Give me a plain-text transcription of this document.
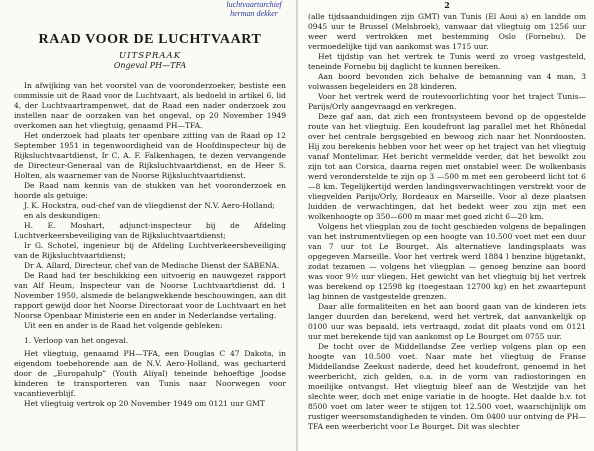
luchtvaartarchief
herman dekker
RAAD VOOR DE LUCHTVAART

UITSPRAAK

Ongeval PH—TFA

In afwijking van het voorstel van de vooronderzoeker, bestiste een commissie uit de Raad voor de Luchtvaart, als bedoeld in artikel 6, lid 4, der Luchtvaartrampenwet, dat de Raad een nader onderzoek zou instellen naar de oorzaken van het ongeval, op 20 November 1949 overkomen aan het vliegtuig, genaamd PH—TFA.

Het onderzoek had plaats ter openbare zitting van de Raad op 12 September 1951 in tegenwoordigheid van de Hoofdinspecteur bij de Rijksluchtvaartdienst, Ir C. A. F. Falkenhagen, te dezen vervangende de Directeur-Generaal van de Rijksluchtvaartdienst, en de Heer S. Holten, als waarnemer van de Noorse Rijksluchtvaartdienst.

De Raad nam kennis van de stukken van het vooronderzoek en hoorde als getuige:

J. K. Hockstra, oud-chef van de vliegdienst der N.V. Aero-Holland;

en als deskundigen:

H. E. Moshart, adjunct-inspecteur bij de Afdeling Luchtverkeersbeveiliging van de Rijksluchtvaartdienst;

Ir G. Schotel, ingenieur bij de Afdeling Luchtverkeersbeveiliging van de Rijksluchtvaartdienst;

Dr A. Allard, Directeur, chef van de Medische Dienst der SABENA.

De Raad had ter beschikking een uitvoerig en nauwgezet rapport van Alf Heum, Inspecteur van de Noorse Luchtvaartdienst dd. 1 November 1950, alsmede de belangwekkende beschouwingen, aan dit rapport gewijd door het Noorse Directoraat voor de Luchtvaart en het Noorse Openbaar Ministerie een en ander in Nederlandse vertaling.

Uit een en ander is de Raad het volgende gebleken:

1. Verloop van het ongeval.

Het vliegtuig, genaamd PH—TFA, een Douglas C 47 Dakota, in eigendom toebehorende aan de N.V. Aero-Holland, was gecharterd door de „Europahulp” (Youth Aliyal) teneinde behoeftige Joodse kinderen te transporteren van Tunis naar Noorwegen voor vacantieverblijf.

Het vliegtuig vertrok op 20 November 1949 om 0121 uur GMT

2

(alle tijdsaanduidingen zijn GMT) van Tunis (El Aoui a) en landde om 0945 uur te Brussel (Melsbroek), vanwaar dat vliegtuig om 1256 uur weer werd vertrokken met bestemming Oslo (Fornebu). De vermoedelijke tijd van aankomst was 1715 uur.

Het tijdstip van het vertrek te Tunis werd zo vroeg vastgesteld, teneinde Fornebu bij daglicht te kunnen bereiken.

Aan boord bevonden zich behalve de bemanning van 4 man, 3 volwassen begeleiders en 28 kinderen.

Voor het vertrek werd de routevoorlichting voor het traject Tunis—Parijs/Orly aangevraagd en verkregen.

Deze gaf aan, dat zich een frontsysteem bevond op de opgestelde route van het vliegtuig. Een koudefront lag parallel met het Rhônedal over het centrale bergsgebied en bewoog zich naar het Noordoosten. Hij zou berekenis hebben voor het weer op het traject van het vliegtuig vanaf Montelimar. Het bericht vermeldde verder, dat het bewolkt zou zijn tot aan Corsica, daarna regen met onstabiel weer. De wolkenbasis werd veronderstelde te zijn op 3 —500 m met een gerobeerd licht tot 6—8 km. Tegelijkertijd werden landingsverwachtingen verstrekt voor de vliegvelden Parijs/Orly, Bordeaux en Marseille. Voor al deze plaatsen luidden de verwachtingen, dat het bedekt weer zou zijn met een wolkenhoogte op 350—600 m maar met goed zicht 6—20 km.

Volgens het vliegplan zou de tocht geschieden volgens de bepalingen van het instrumentvliegen op een hoogte van 10.500 voet met een duur van 7 uur tot Le Bourget. Als alternatieve landingsplaats was opgegeven Marseille. Voor het vertrek werd 1884 l benzine bijgetankt, zodat tezamen — volgens het vliegplan — genoeg benzine aan boord was voor 9½ uur vliegen. Het gewicht van het vliegtuig bij het vertrek was berekend op 12598 kg (toegestaan 12700 kg) en het zwaartepunt lag binnen de vastgestelde grenzen.

Daar alle formaliteiten en het aan boord gaan van de kinderen iets langer duurden dan berekend, werd het vertrek, dat aanvankelijk op 0100 uur was bepaald, iets vertraagd, zodat dit plaats vond om 0121 uur met berekende tijd van aankomst op Le Bourget om 0755 uur.

De tocht over de Middellandse Zee verliep volgens plan op een hoogte van 10.500 voet. Naar mate het vliegtuig de Franse Middellandse Zeekust naderde, deed het koudefront, genoemd in het weerbericht, zich gelden, o.a. in de vorm van radiostoringen en moeilijke ontvangst. Het vliegtuig bleef aan de Westzijde van het slechte weer, doch met enige variatie in de hoogte. Het daalde b.v. tot 8500 voet om later weer te stijgen tot 12.500 voet, waarschijnlijk om rustiger weersomstandigheden te vinden. Om 0400 uur ontving de PH—TFA een weerbericht voor Le Bourget. Dit was slechter
